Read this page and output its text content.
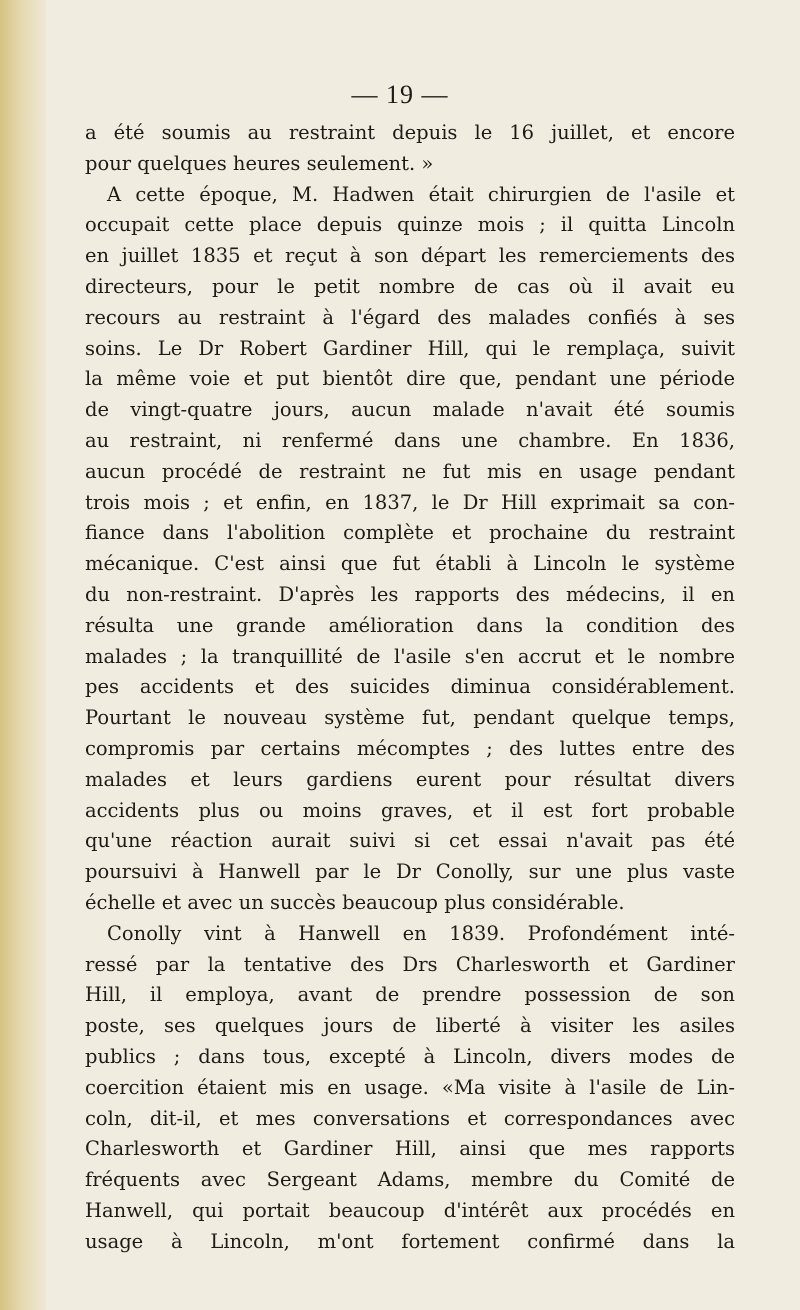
— 19 —
a été soumis au restraint depuis le 16 juillet, et encore
pour quelques heures seulement. »
A cette époque, M. Hadwen était chirurgien de l'asile et
occupait cette place depuis quinze mois ; il quitta Lincoln
en juillet 1835 et reçut à son départ les remerciements des
directeurs, pour le petit nombre de cas où il avait eu
recours au restraint à l'égard des malades confiés à ses
soins. Le Dr Robert Gardiner Hill, qui le remplaça, suivit
la même voie et put bientôt dire que, pendant une période
de vingt-quatre jours, aucun malade n'avait été soumis
au restraint, ni renfermé dans une chambre. En 1836,
aucun procédé de restraint ne fut mis en usage pendant
trois mois ; et enfin, en 1837, le Dr Hill exprimait sa con-
fiance dans l'abolition complète et prochaine du restraint
mécanique. C'est ainsi que fut établi à Lincoln le système
du non-restraint. D'après les rapports des médecins, il en
résulta une grande amélioration dans la condition des
malades ; la tranquillité de l'asile s'en accrut et le nombre
pes accidents et des suicides diminua considérablement.
Pourtant le nouveau système fut, pendant quelque temps,
compromis par certains mécomptes ; des luttes entre des
malades et leurs gardiens eurent pour résultat divers
accidents plus ou moins graves, et il est fort probable
qu'une réaction aurait suivi si cet essai n'avait pas été
poursuivi à Hanwell par le Dr Conolly, sur une plus vaste
échelle et avec un succès beaucoup plus considérable.
Conolly vint à Hanwell en 1839. Profondément inté-
ressé par la tentative des Drs Charlesworth et Gardiner
Hill, il employa, avant de prendre possession de son
poste, ses quelques jours de liberté à visiter les asiles
publics ; dans tous, excepté à Lincoln, divers modes de
coercition étaient mis en usage. «Ma visite à l'asile de Lin-
coln, dit-il, et mes conversations et correspondances avec
Charlesworth et Gardiner Hill, ainsi que mes rapports
fréquents avec Sergeant Adams, membre du Comité de
Hanwell, qui portait beaucoup d'intérêt aux procédés en
usage à Lincoln, m'ont fortement confirmé dans la
